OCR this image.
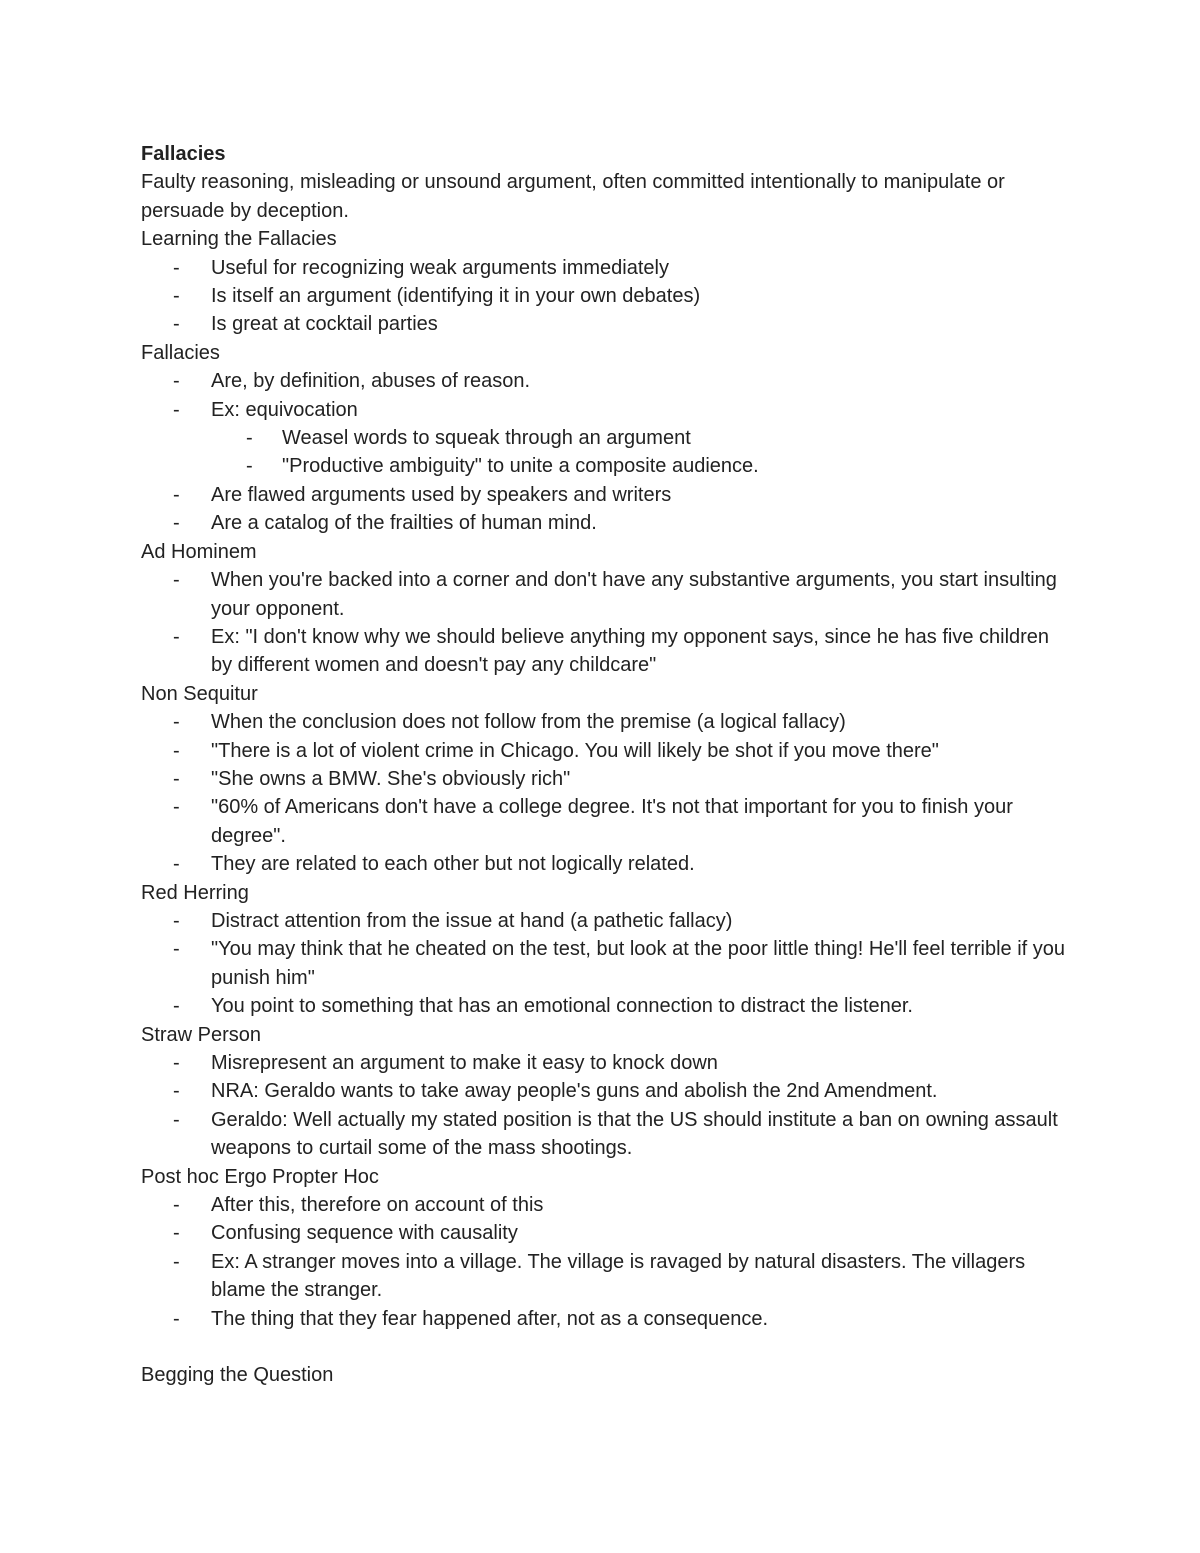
Fallacies

Faulty reasoning, misleading or unsound argument, often committed intentionally to manipulate or persuade by deception.

Learning the Fallacies

- Useful for recognizing weak arguments immediately
- Is itself an argument (identifying it in your own debates)
- Is great at cocktail parties

Fallacies

- Are, by definition, abuses of reason.
- Ex: equivocation
- Weasel words to squeak through an argument
- "Productive ambiguity" to unite a composite audience.
- Are flawed arguments used by speakers and writers
- Are a catalog of the frailties of human mind.

Ad Hominem

- When you're backed into a corner and don't have any substantive arguments, you start insulting your opponent.
- Ex: "I don't know why we should believe anything my opponent says, since he has five children by different women and doesn't pay any childcare"

Non Sequitur

- When the conclusion does not follow from the premise (a logical fallacy)
- "There is a lot of violent crime in Chicago. You will likely be shot if you move there"
- "She owns a BMW. She's obviously rich"
- "60% of Americans don't have a college degree. It's not that important for you to finish your degree".
- They are related to each other but not logically related.

Red Herring

- Distract attention from the issue at hand (a pathetic fallacy)
- "You may think that he cheated on the test, but look at the poor little thing! He'll feel terrible if you punish him"
- You point to something that has an emotional connection to distract the listener.

Straw Person

- Misrepresent an argument to make it easy to knock down
- NRA: Geraldo wants to take away people's guns and abolish the 2nd Amendment.
- Geraldo: Well actually my stated position is that the US should institute a ban on owning assault weapons to curtail some of the mass shootings.

Post hoc Ergo Propter Hoc

- After this, therefore on account of this
- Confusing sequence with causality
- Ex: A stranger moves into a village. The village is ravaged by natural disasters. The villagers blame the stranger.
- The thing that they fear happened after, not as a consequence.

Begging the Question
